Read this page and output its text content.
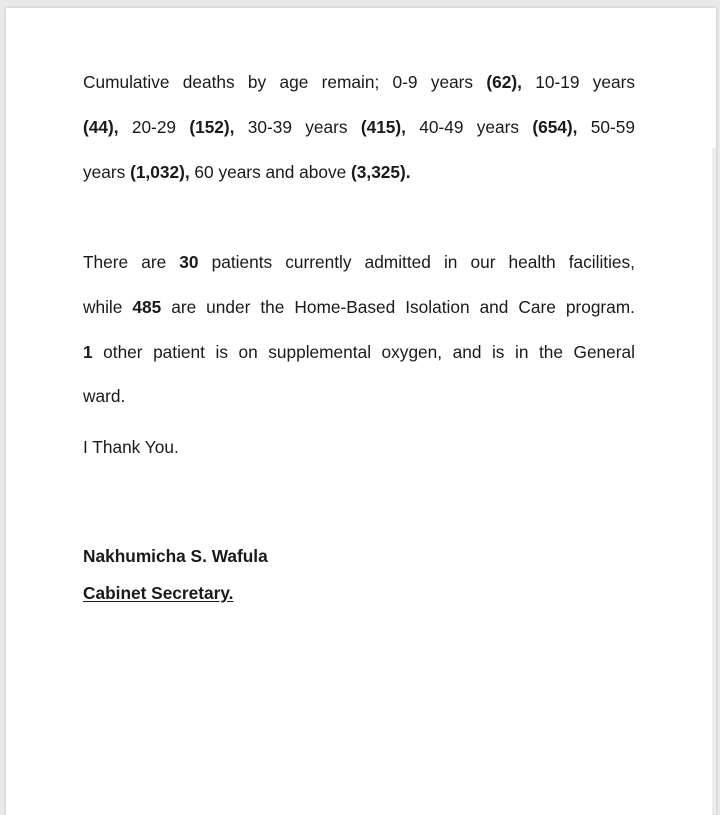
Cumulative deaths by age remain; 0-9 years (62), 10-19 years
(44), 20-29 (152), 30-39 years (415), 40-49 years (654), 50-59
years (1,032), 60 years and above (3,325).
There are 30 patients currently admitted in our health facilities,
while 485 are under the Home-Based Isolation and Care program.
1 other patient is on supplemental oxygen, and is in the General
ward.
I Thank You.
Nakhumicha S. Wafula
Cabinet Secretary.
